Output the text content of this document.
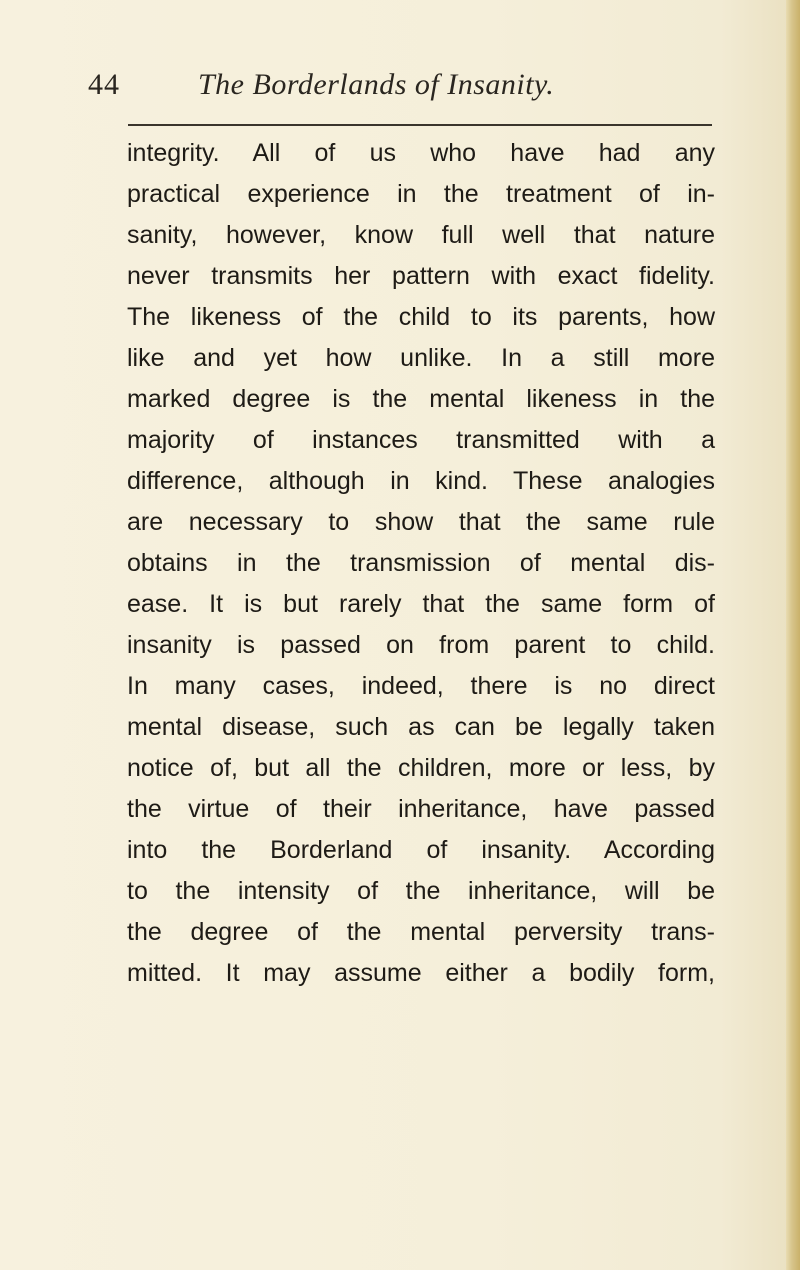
44	The Borderlands of Insanity.
integrity. All of us who have had any
practical experience in the treatment of in-
sanity, however, know full well that nature
never transmits her pattern with exact fidelity.
The likeness of the child to its parents, how
like and yet how unlike. In a still more
marked degree is the mental likeness in the
majority of instances transmitted with a
difference, although in kind. These analogies
are necessary to show that the same rule
obtains in the transmission of mental dis-
ease. It is but rarely that the same form of
insanity is passed on from parent to child.
In many cases, indeed, there is no direct
mental disease, such as can be legally taken
notice of, but all the children, more or less, by
the virtue of their inheritance, have passed
into the Borderland of insanity. According
to the intensity of the inheritance, will be
the degree of the mental perversity trans-
mitted. It may assume either a bodily form,
